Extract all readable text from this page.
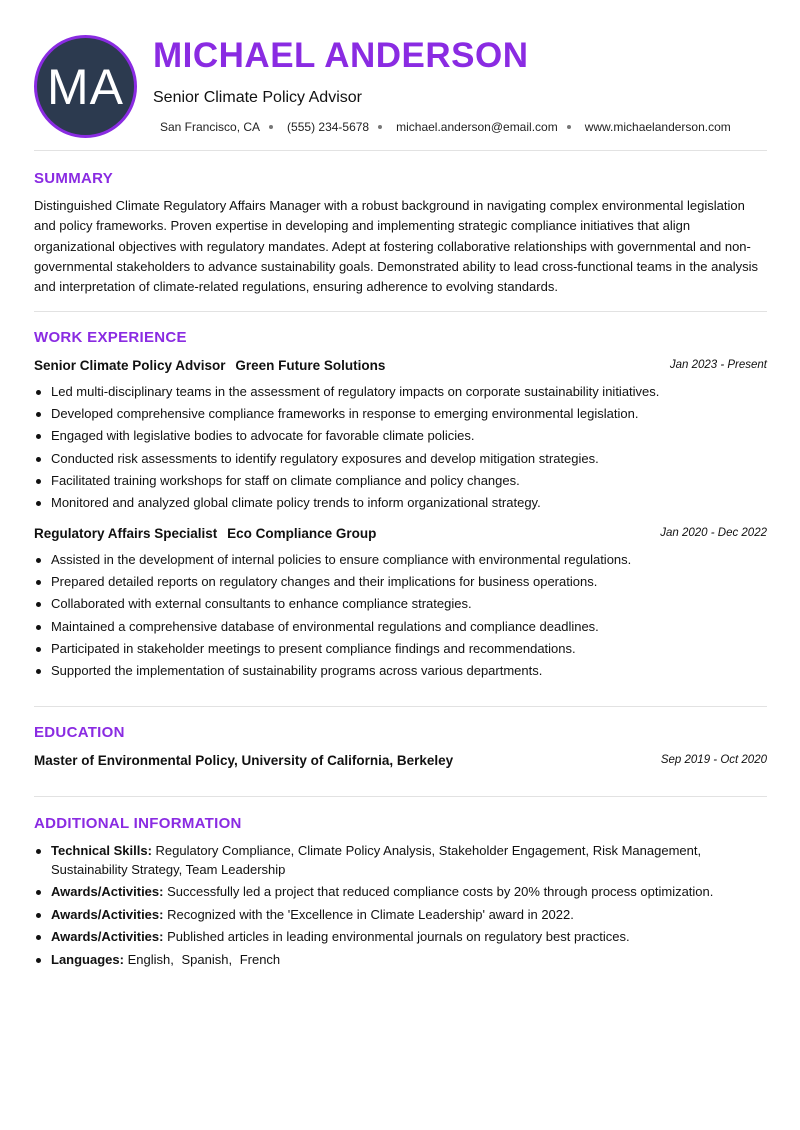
MA
MICHAEL ANDERSON
Senior Climate Policy Advisor
San Francisco, CA (555) 234-5678 michael.anderson@email.com www.michaelanderson.com
SUMMARY

Distinguished Climate Regulatory Affairs Manager with a robust background in navigating complex environmental legislation and policy frameworks. Proven expertise in developing and implementing strategic compliance initiatives that align organizational objectives with regulatory mandates. Adept at fostering collaborative relationships with governmental and non-governmental stakeholders to advance sustainability goals. Demonstrated ability to lead cross-functional teams in the analysis and interpretation of climate-related regulations, ensuring adherence to evolving standards.

WORK EXPERIENCE
Senior Climate Policy Advisor Green Future Solutions	Jan 2023 - Present
Led multi-disciplinary teams in the assessment of regulatory impacts on corporate sustainability initiatives.
Developed comprehensive compliance frameworks in response to emerging environmental legislation.
Engaged with legislative bodies to advocate for favorable climate policies.
Conducted risk assessments to identify regulatory exposures and develop mitigation strategies.
Facilitated training workshops for staff on climate compliance and policy changes.
Monitored and analyzed global climate policy trends to inform organizational strategy.
Regulatory Affairs Specialist Eco Compliance Group	Jan 2020 - Dec 2022
Assisted in the development of internal policies to ensure compliance with environmental regulations.
Prepared detailed reports on regulatory changes and their implications for business operations.
Collaborated with external consultants to enhance compliance strategies.
Maintained a comprehensive database of environmental regulations and compliance deadlines.
Participated in stakeholder meetings to present compliance findings and recommendations.
Supported the implementation of sustainability programs across various departments.
EDUCATION
Master of Environmental Policy, University of California, Berkeley	Sep 2019 - Oct 2020
ADDITIONAL INFORMATION
Technical Skills: Regulatory Compliance, Climate Policy Analysis, Stakeholder Engagement, Risk Management, Sustainability Strategy, Team Leadership
Awards/Activities: Successfully led a project that reduced compliance costs by 20% through process optimization.
Awards/Activities: Recognized with the 'Excellence in Climate Leadership' award in 2022.
Awards/Activities: Published articles in leading environmental journals on regulatory best practices.
Languages: English, Spanish, French
